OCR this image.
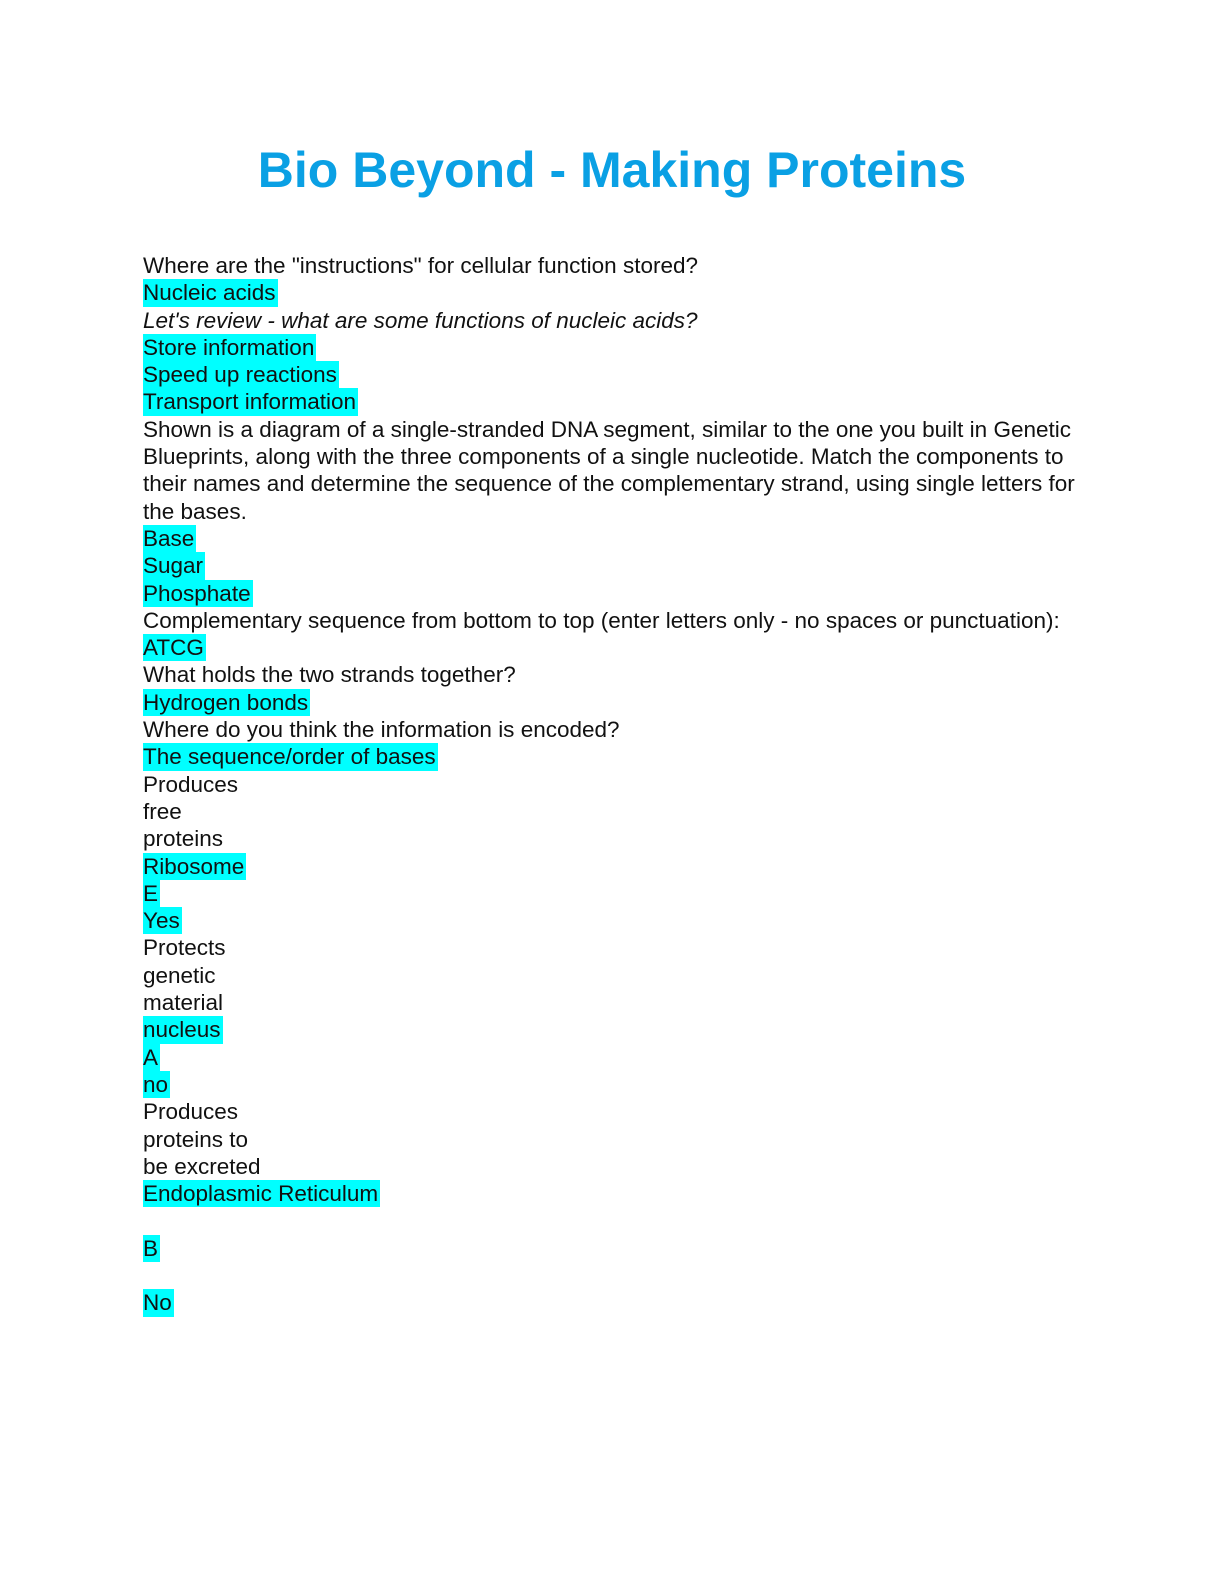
Bio Beyond - Making Proteins
Where are the "instructions" for cellular function stored?
Nucleic acids
Let's review - what are some functions of nucleic acids?
Store information
Speed up reactions
Transport information
Shown is a diagram of a single-stranded DNA segment, similar to the one you built in Genetic Blueprints, along with the three components of a single nucleotide. Match the components to their names and determine the sequence of the complementary strand, using single letters for the bases.
Base
Sugar
Phosphate
Complementary sequence from bottom to top (enter letters only - no spaces or punctuation):
ATCG
What holds the two strands together?
Hydrogen bonds
Where do you think the information is encoded?
The sequence/order of bases
Produces
free
proteins
Ribosome
E
Yes
Protects
genetic
material
nucleus
A
no
Produces
proteins to
be excreted
Endoplasmic Reticulum
B
No
